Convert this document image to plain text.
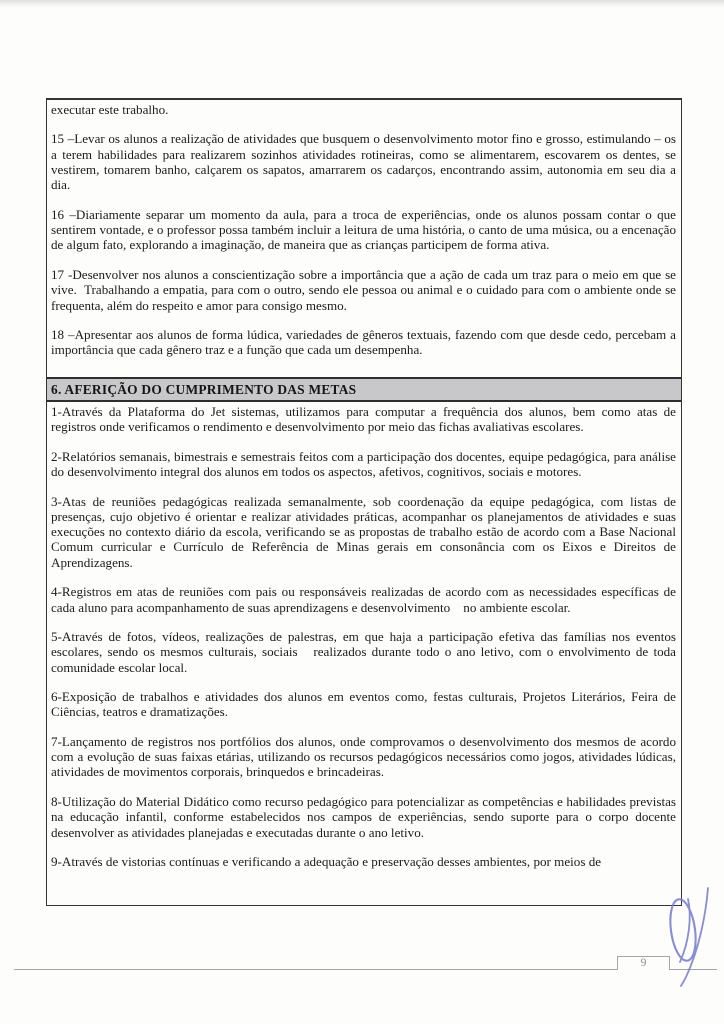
executar este trabalho.

15 –Levar os alunos a realização de atividades que busquem o desenvolvimento motor fino e grosso, estimulando – os a terem habilidades para realizarem sozinhos atividades rotineiras, como se alimentarem, escovarem os dentes, se vestirem, tomarem banho, calçarem os sapatos, amarrarem os cadarços, encontrando assim, autonomia em seu dia a dia.

16 –Diariamente separar um momento da aula, para a troca de experiências, onde os alunos possam contar o que sentirem vontade, e o professor possa também incluir a leitura de uma história, o canto de uma música, ou a encenação de algum fato, explorando a imaginação, de maneira que as crianças participem de forma ativa.

17 -Desenvolver nos alunos a conscientização sobre a importância que a ação de cada um traz para o meio em que se vive.  Trabalhando a empatia, para com o outro, sendo ele pessoa ou animal e o cuidado para com o ambiente onde se frequenta, além do respeito e amor para consigo mesmo.

18 –Apresentar aos alunos de forma lúdica, variedades de gêneros textuais, fazendo com que desde cedo, percebam a importância que cada gênero traz e a função que cada um desempenha.

6. AFERIÇÃO DO CUMPRIMENTO DAS METAS

1-Através da Plataforma do Jet sistemas, utilizamos para computar a frequência dos alunos, bem como atas de registros onde verificamos o rendimento e desenvolvimento por meio das fichas avaliativas escolares.

2-Relatórios semanais, bimestrais e semestrais feitos com a participação dos docentes, equipe pedagógica, para análise do desenvolvimento integral dos alunos em todos os aspectos, afetivos, cognitivos, sociais e motores.

3-Atas de reuniões pedagógicas realizada semanalmente, sob coordenação da equipe pedagógica, com listas de presenças, cujo objetivo é orientar e realizar atividades práticas, acompanhar os planejamentos de atividades e suas execuções no contexto diário da escola, verificando se as propostas de trabalho estão de acordo com a Base Nacional Comum curricular e Currículo de Referência de Minas gerais em consonância com os Eixos e Direitos de Aprendizagens.

4-Registros em atas de reuniões com pais ou responsáveis realizadas de acordo com as necessidades específicas de cada aluno para acompanhamento de suas aprendizagens e desenvolvimento    no ambiente escolar.

5-Através de fotos, vídeos, realizações de palestras, em que haja a participação efetiva das famílias nos eventos escolares, sendo os mesmos culturais, sociais   realizados durante todo o ano letivo, com o envolvimento de toda comunidade escolar local.

6-Exposição de trabalhos e atividades dos alunos em eventos como, festas culturais, Projetos Literários, Feira de Ciências, teatros e dramatizações.

7-Lançamento de registros nos portfólios dos alunos, onde comprovamos o desenvolvimento dos mesmos de acordo com a evolução de suas faixas etárias, utilizando os recursos pedagógicos necessários como jogos, atividades lúdicas, atividades de movimentos corporais, brinquedos e brincadeiras.

8-Utilização do Material Didático como recurso pedagógico para potencializar as competências e habilidades previstas na educação infantil, conforme estabelecidos nos campos de experiências, sendo suporte para o corpo docente desenvolver as atividades planejadas e executadas durante o ano letivo.

9-Através de vistorias contínuas e verificando a adequação e preservação desses ambientes, por meios de

9
